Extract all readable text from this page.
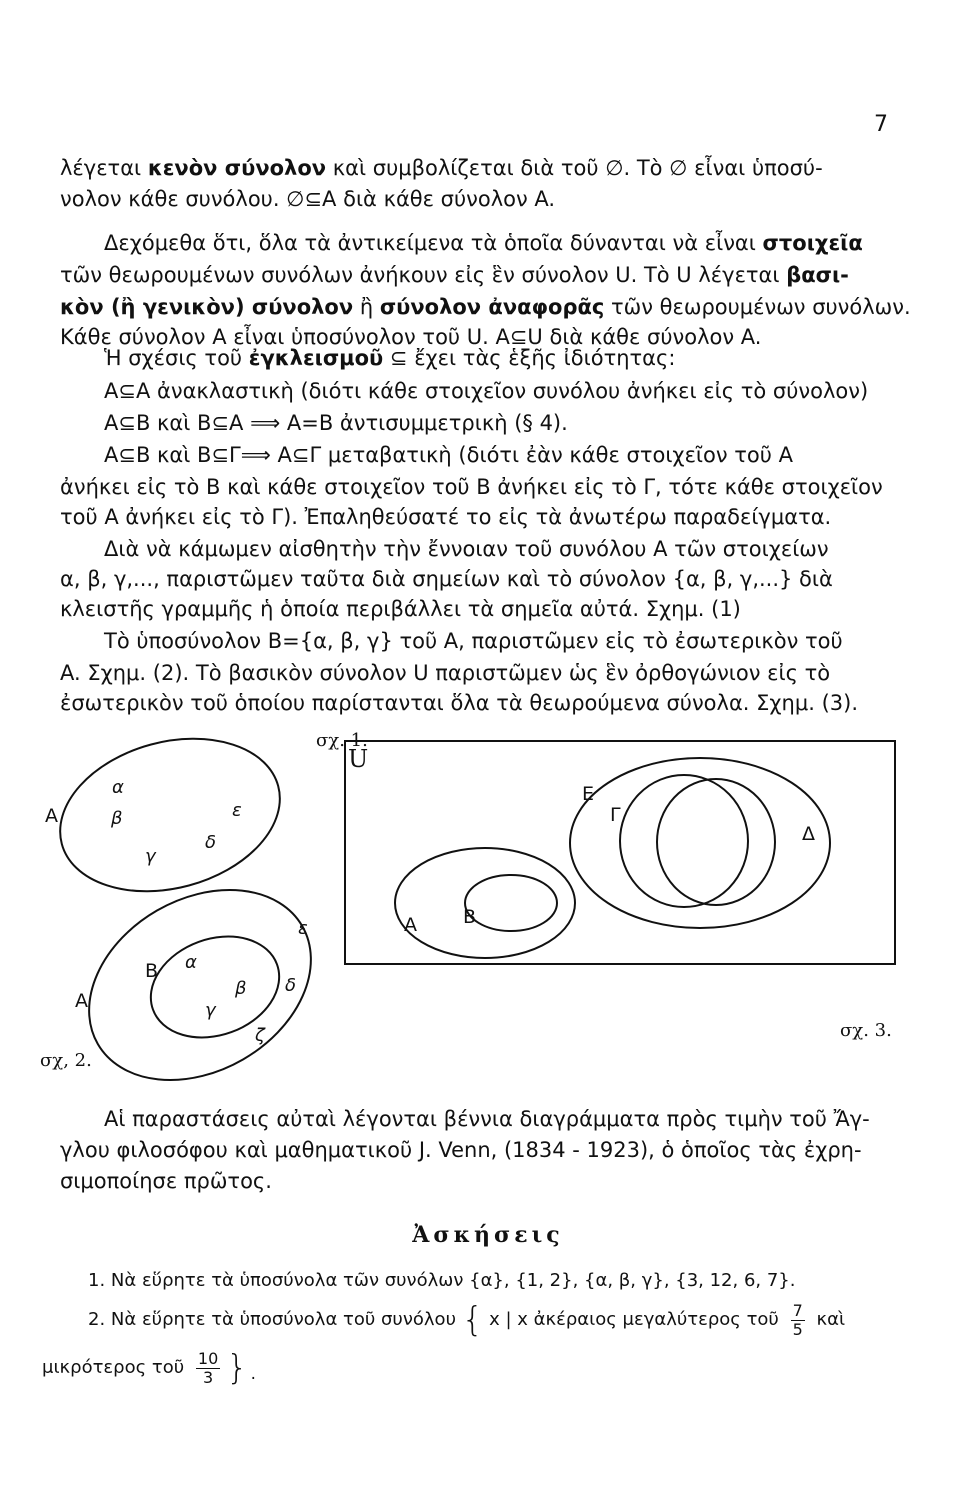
7
λέγεται κενὸν σύνολον καὶ συμβολίζεται διὰ τοῦ ∅. Τὸ ∅ εἶναι ὑποσύ-
νολον κάθε συνόλου. ∅⊆A διὰ κάθε σύνολον A.
Δεχόμεθα ὅτι, ὅλα τὰ ἀντικείμενα τὰ ὁποῖα δύνανται νὰ εἶναι στοιχεῖα
τῶν θεωρουμένων συνόλων ἀνήκουν εἰς ἓν σύνολον U. Τὸ U λέγεται βασι-
κὸν (ἢ γενικὸν) σύνολον ἢ σύνολον ἀναφορᾶς τῶν θεωρουμένων συνόλων.
Κάθε σύνολον A εἶναι ὑποσύνολον τοῦ U. A⊆U διὰ κάθε σύνολον A.
Ἡ σχέσις τοῦ ἐγκλεισμοῦ ⊆ ἔχει τὰς ἑξῆς ἰδιότητας:
A⊆A ἀνακλαστικὴ (διότι κάθε στοιχεῖον συνόλου ἀνήκει εἰς τὸ σύνολον)
A⊆B καὶ B⊆A ⟹ A=B ἀντισυμμετρικὴ (§ 4).
A⊆B καὶ B⊆Γ⟹ A⊆Γ μεταβατικὴ (διότι ἐὰν κάθε στοιχεῖον τοῦ A
ἀνήκει εἰς τὸ B καὶ κάθε στοιχεῖον τοῦ B ἀνήκει εἰς τὸ Γ, τότε κάθε στοιχεῖον
τοῦ A ἀνήκει εἰς τὸ Γ). Ἐπαληθεύσατέ το εἰς τὰ ἀνωτέρω παραδείγματα.
Διὰ νὰ κάμωμεν αἰσθητὴν τὴν ἔννοιαν τοῦ συνόλου A τῶν στοιχείων
α, β, γ,..., παριστῶμεν ταῦτα διὰ σημείων καὶ τὸ σύνολον {α, β, γ,...} διὰ
κλειστῆς γραμμῆς ἡ ὁποία περιβάλλει τὰ σημεῖα αὐτά. Σχημ. (1)
Τὸ ὑποσύνολον B={α, β, γ} τοῦ A, παριστῶμεν εἰς τὸ ἐσωτερικὸν τοῦ
A. Σχημ. (2). Τὸ βασικὸν σύνολον U παριστῶμεν ὡς ἓν ὀρθογώνιον εἰς τὸ
ἐσωτερικὸν τοῦ ὁποίου παρίστανται ὅλα τὰ θεωρούμενα σύνολα. Σχημ. (3).
σχ. 1.
A
α
β
γ
δ
ε
σχ, 2.
A
B α
β
γ
δ
ε
ζ	σχ. 3.
U
A B
E
Γ
Δ
Αἱ παραστάσεις αὐταὶ λέγονται βέννια διαγράμματα πρὸς τιμὴν τοῦ Ἄγ-
γλου φιλοσόφου καὶ μαθηματικοῦ J. Venn, (1834 - 1923), ὁ ὁποῖος τὰς ἐχρη-
σιμοποίησε πρῶτος.
Ἀσκήσεις
1. Νὰ εὕρητε τὰ ὑποσύνολα τῶν συνόλων {α}, {1, 2}, {α, β, γ}, {3, 12, 6, 7}.
2. Νὰ εὕρητε τὰ ὑποσύνολα τοῦ συνόλου { x | x ἀκέραιος μεγαλύτερος τοῦ $\frac{7}{5}$ καὶ
μικρότερος τοῦ $\frac{10}{3}$ }.
